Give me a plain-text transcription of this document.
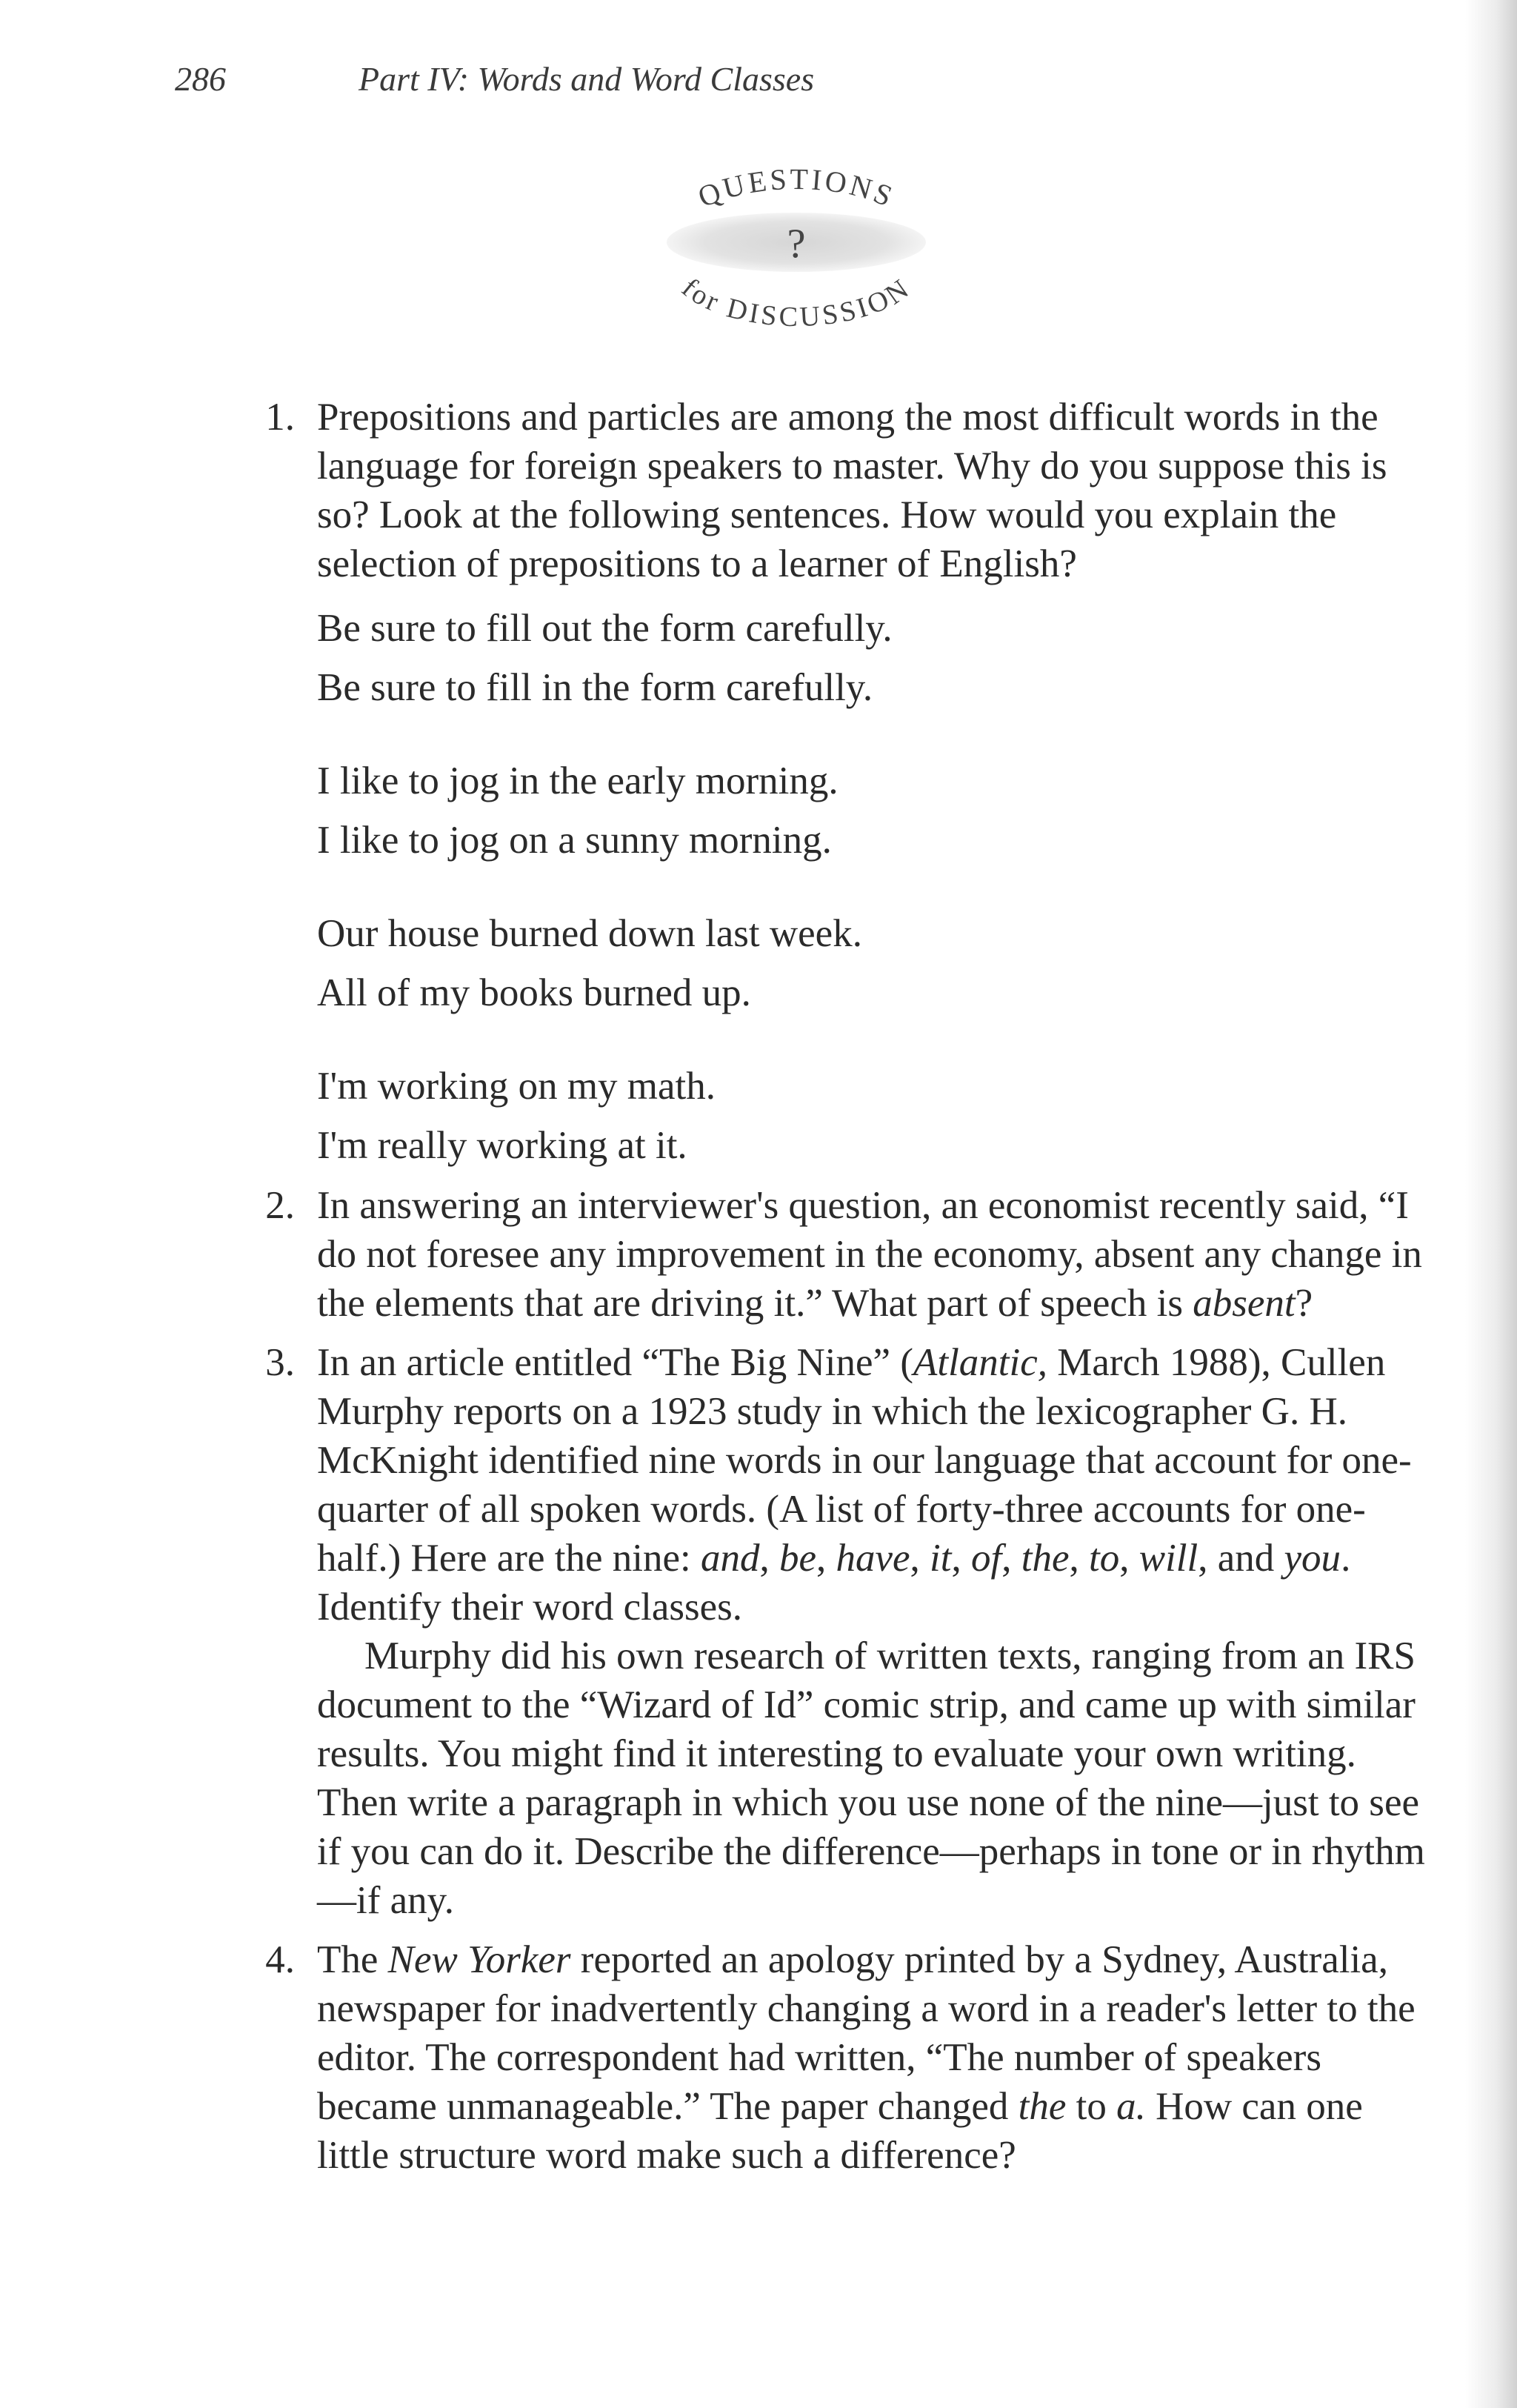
286	Part IV: Words and Word Classes
QUESTIONS
?
for DISCUSSION
1. Prepositions and particles are among the most difficult words in the language for foreign speakers to master. Why do you suppose this is so? Look at the following sentences. How would you explain the selection of prepositions to a learner of English?

Be sure to fill out the form carefully.
Be sure to fill in the form carefully.
I like to jog in the early morning.
I like to jog on a sunny morning.
Our house burned down last week.
All of my books burned up.
I'm working on my math.
I'm really working at it.
2. In answering an interviewer's question, an economist recently said, “I do not foresee any improvement in the economy, absent any change in the elements that are driving it.” What part of speech is absent?

3. In an article entitled “The Big Nine” (Atlantic, March 1988), Cullen Murphy reports on a 1923 study in which the lexicographer G. H. McKnight identified nine words in our language that account for one-quarter of all spoken words. (A list of forty-three accounts for one-half.) Here are the nine: and, be, have, it, of, the, to, will, and you. Identify their word classes.

Murphy did his own research of written texts, ranging from an IRS document to the “Wizard of Id” comic strip, and came up with similar results. You might find it interesting to evaluate your own writing. Then write a paragraph in which you use none of the nine—just to see if you can do it. Describe the difference—perhaps in tone or in rhythm—if any.

4. The New Yorker reported an apology printed by a Sydney, Australia, newspaper for inadvertently changing a word in a reader's letter to the editor. The correspondent had written, “The number of speakers became unmanageable.” The paper changed the to a. How can one little structure word make such a difference?
